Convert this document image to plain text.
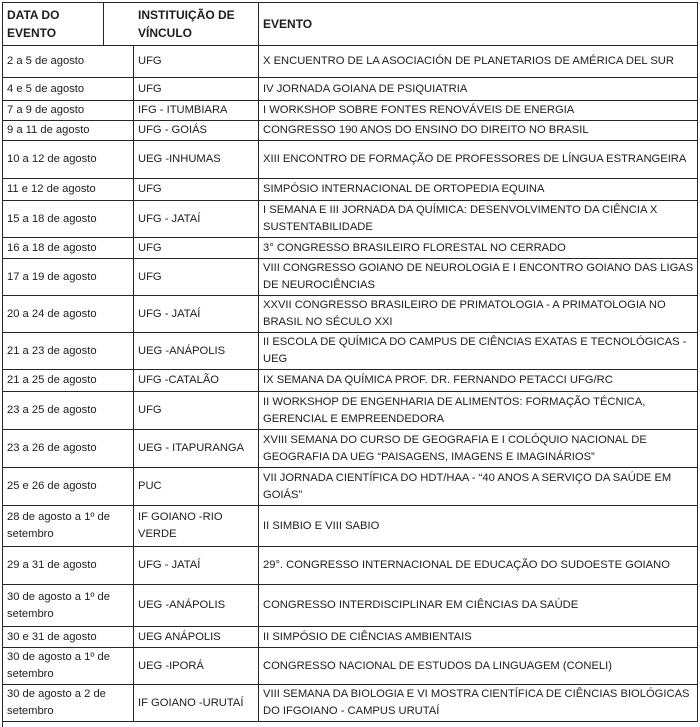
DATA DO EVENTO	INSTITUIÇÃO DE VÍNCULO		EVENTO
2 a 5 de agosto		UFG	X ENCUENTRO DE LA ASOCIACIÓN DE PLANETARIOS DE AMÉRICA DEL SUR
4 e 5 de agosto		UFG	IV JORNADA GOIANA DE PSIQUIATRIA
7 a 9 de agosto		IFG - ITUMBIARA	I WORKSHOP SOBRE FONTES RENOVÁVEIS DE ENERGIA
9 a 11 de agosto		UFG - GOIÁS	CONGRESSO 190 ANOS DO ENSINO DO DIREITO NO BRASIL
10 a 12 de agosto		UEG -INHUMAS	XIII ENCONTRO DE FORMAÇÃO DE PROFESSORES DE LÍNGUA ESTRANGEIRA
11 e 12 de agosto		UFG	SIMPÓSIO INTERNACIONAL DE ORTOPEDIA EQUINA
15 a 18 de agosto		UFG - JATAÍ	I SEMANA E III JORNADA DA QUÍMICA: DESENVOLVIMENTO DA CIÊNCIA X SUSTENTABILIDADE
16 a 18 de agosto		UFG	3° CONGRESSO BRASILEIRO FLORESTAL NO CERRADO
17 a 19 de agosto		UFG	VIII CONGRESSO GOIANO DE NEUROLOGIA E I ENCONTRO GOIANO DAS LIGAS DE NEUROCIÊNCIAS
20 a 24 de agosto		UFG - JATAÍ	XXVII CONGRESSO BRASILEIRO DE PRIMATOLOGIA - A PRIMATOLOGIA NO BRASIL NO SÉCULO XXI
21 a 23 de agosto		UEG -ANÁPOLIS	II ESCOLA DE QUÍMICA DO CAMPUS DE CIÊNCIAS EXATAS E TECNOLÓGICAS - UEG
21 a 25 de agosto		UFG -CATALÃO	IX SEMANA DA QUÍMICA PROF. DR. FERNANDO PETACCI UFG/RC
23 a 25 de agosto		UFG	II WORKSHOP DE ENGENHARIA DE ALIMENTOS: FORMAÇÃO TÉCNICA, GERENCIAL E EMPREENDEDORA
23 a 26 de agosto		UEG - ITAPURANGA	XVIII SEMANA DO CURSO DE GEOGRAFIA E I COLÓQUIO NACIONAL DE GEOGRAFIA DA UEG “PAISAGENS, IMAGENS E IMAGINÁRIOS”
25 e 26 de agosto		PUC	VII JORNADA CIENTÍFICA DO HDT/HAA - “40 ANOS A SERVIÇO DA SAÚDE EM GOIÁS”
28 de agosto a 1º de setembro		IF GOIANO -RIO VERDE	II SIMBIO E VIII SABIO
29 a 31 de agosto		UFG - JATAÍ	29°. CONGRESSO INTERNACIONAL DE EDUCAÇÃO DO SUDOESTE GOIANO
30 de agosto a 1º de setembro		UEG -ANÁPOLIS	CONGRESSO INTERDISCIPLINAR EM CIÊNCIAS DA SAÚDE
30 e 31 de agosto		UEG ANÁPOLIS	II SIMPÓSIO DE CIÊNCIAS AMBIENTAIS
30 de agosto a 1º de setembro		UEG -IPORÁ	CONGRESSO NACIONAL DE ESTUDOS DA LINGUAGEM (CONELI)
30 de agosto a 2 de setembro		IF GOIANO -URUTAÍ	VIII SEMANA DA BIOLOGIA E VI MOSTRA CIENTÍFICA DE CIÊNCIAS BIOLÓGICAS DO IFGOIANO - CAMPUS URUTAÍ
